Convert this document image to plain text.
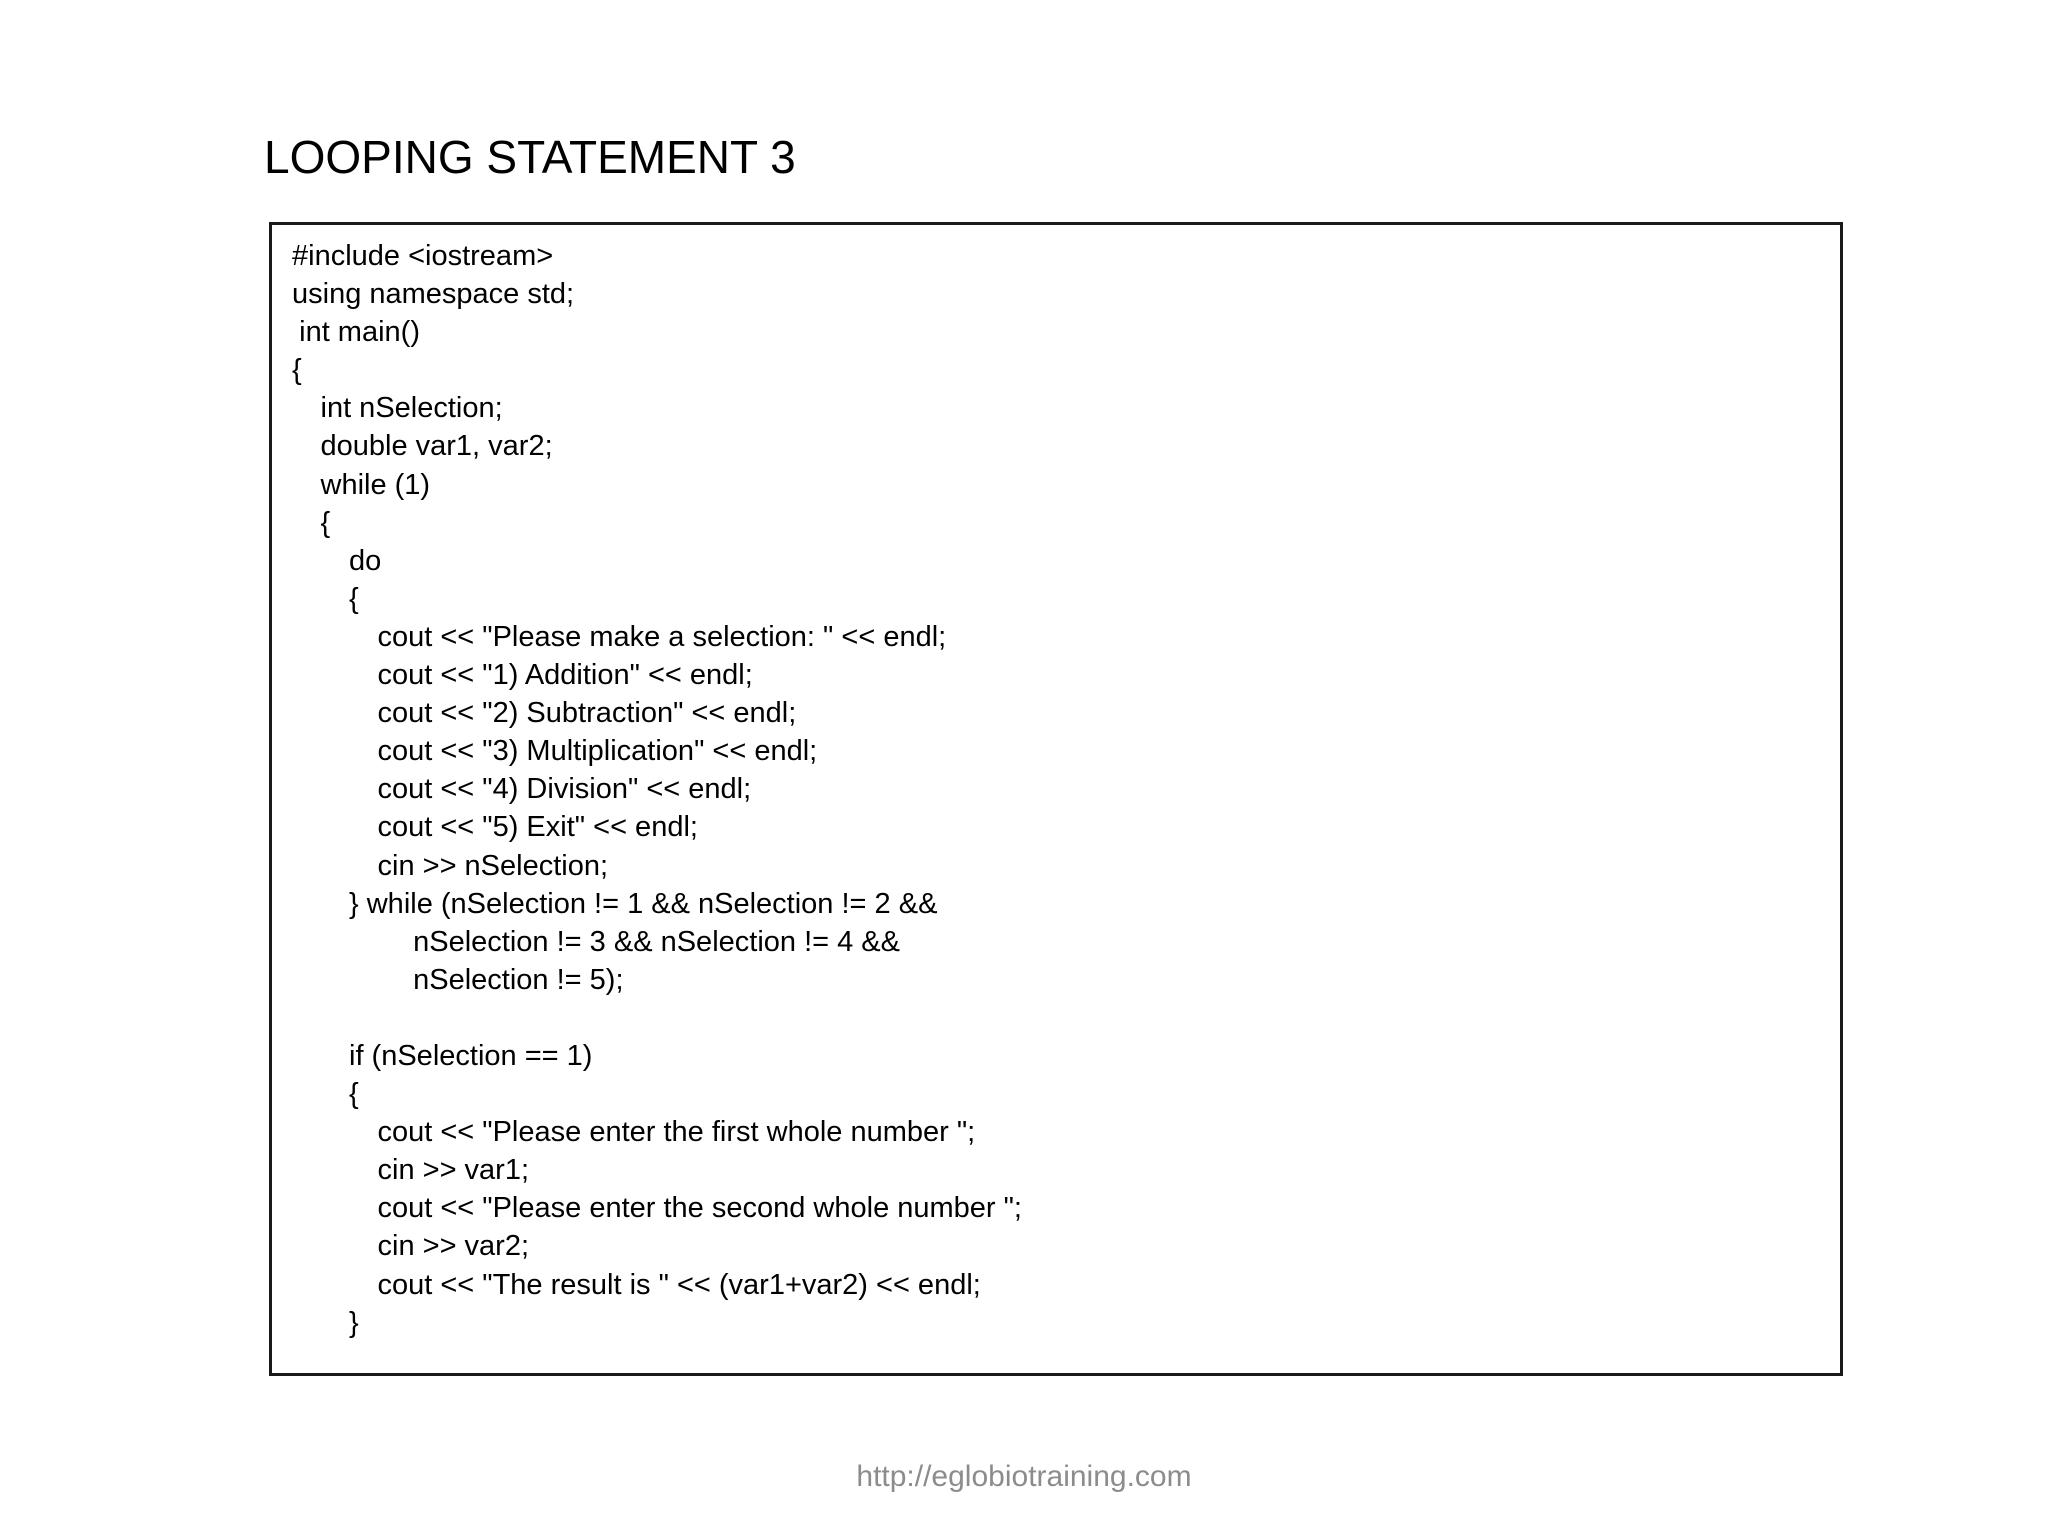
LOOPING STATEMENT 3
#include <iostream>
using namespace std;
int main()
{
int nSelection;
double var1, var2;
while (1)
{
do
{
cout << "Please make a selection: " << endl;
cout << "1) Addition" << endl;
cout << "2) Subtraction" << endl;
cout << "3) Multiplication" << endl;
cout << "4) Division" << endl;
cout << "5) Exit" << endl;
cin >> nSelection;
} while (nSelection != 1 && nSelection != 2 &&
nSelection != 3 && nSelection != 4 &&
nSelection != 5);
if (nSelection == 1)
{
cout << "Please enter the first whole number ";
cin >> var1;
cout << "Please enter the second whole number ";
cin >> var2;
cout << "The result is " << (var1+var2) << endl;
}
http://eglobiotraining.com
